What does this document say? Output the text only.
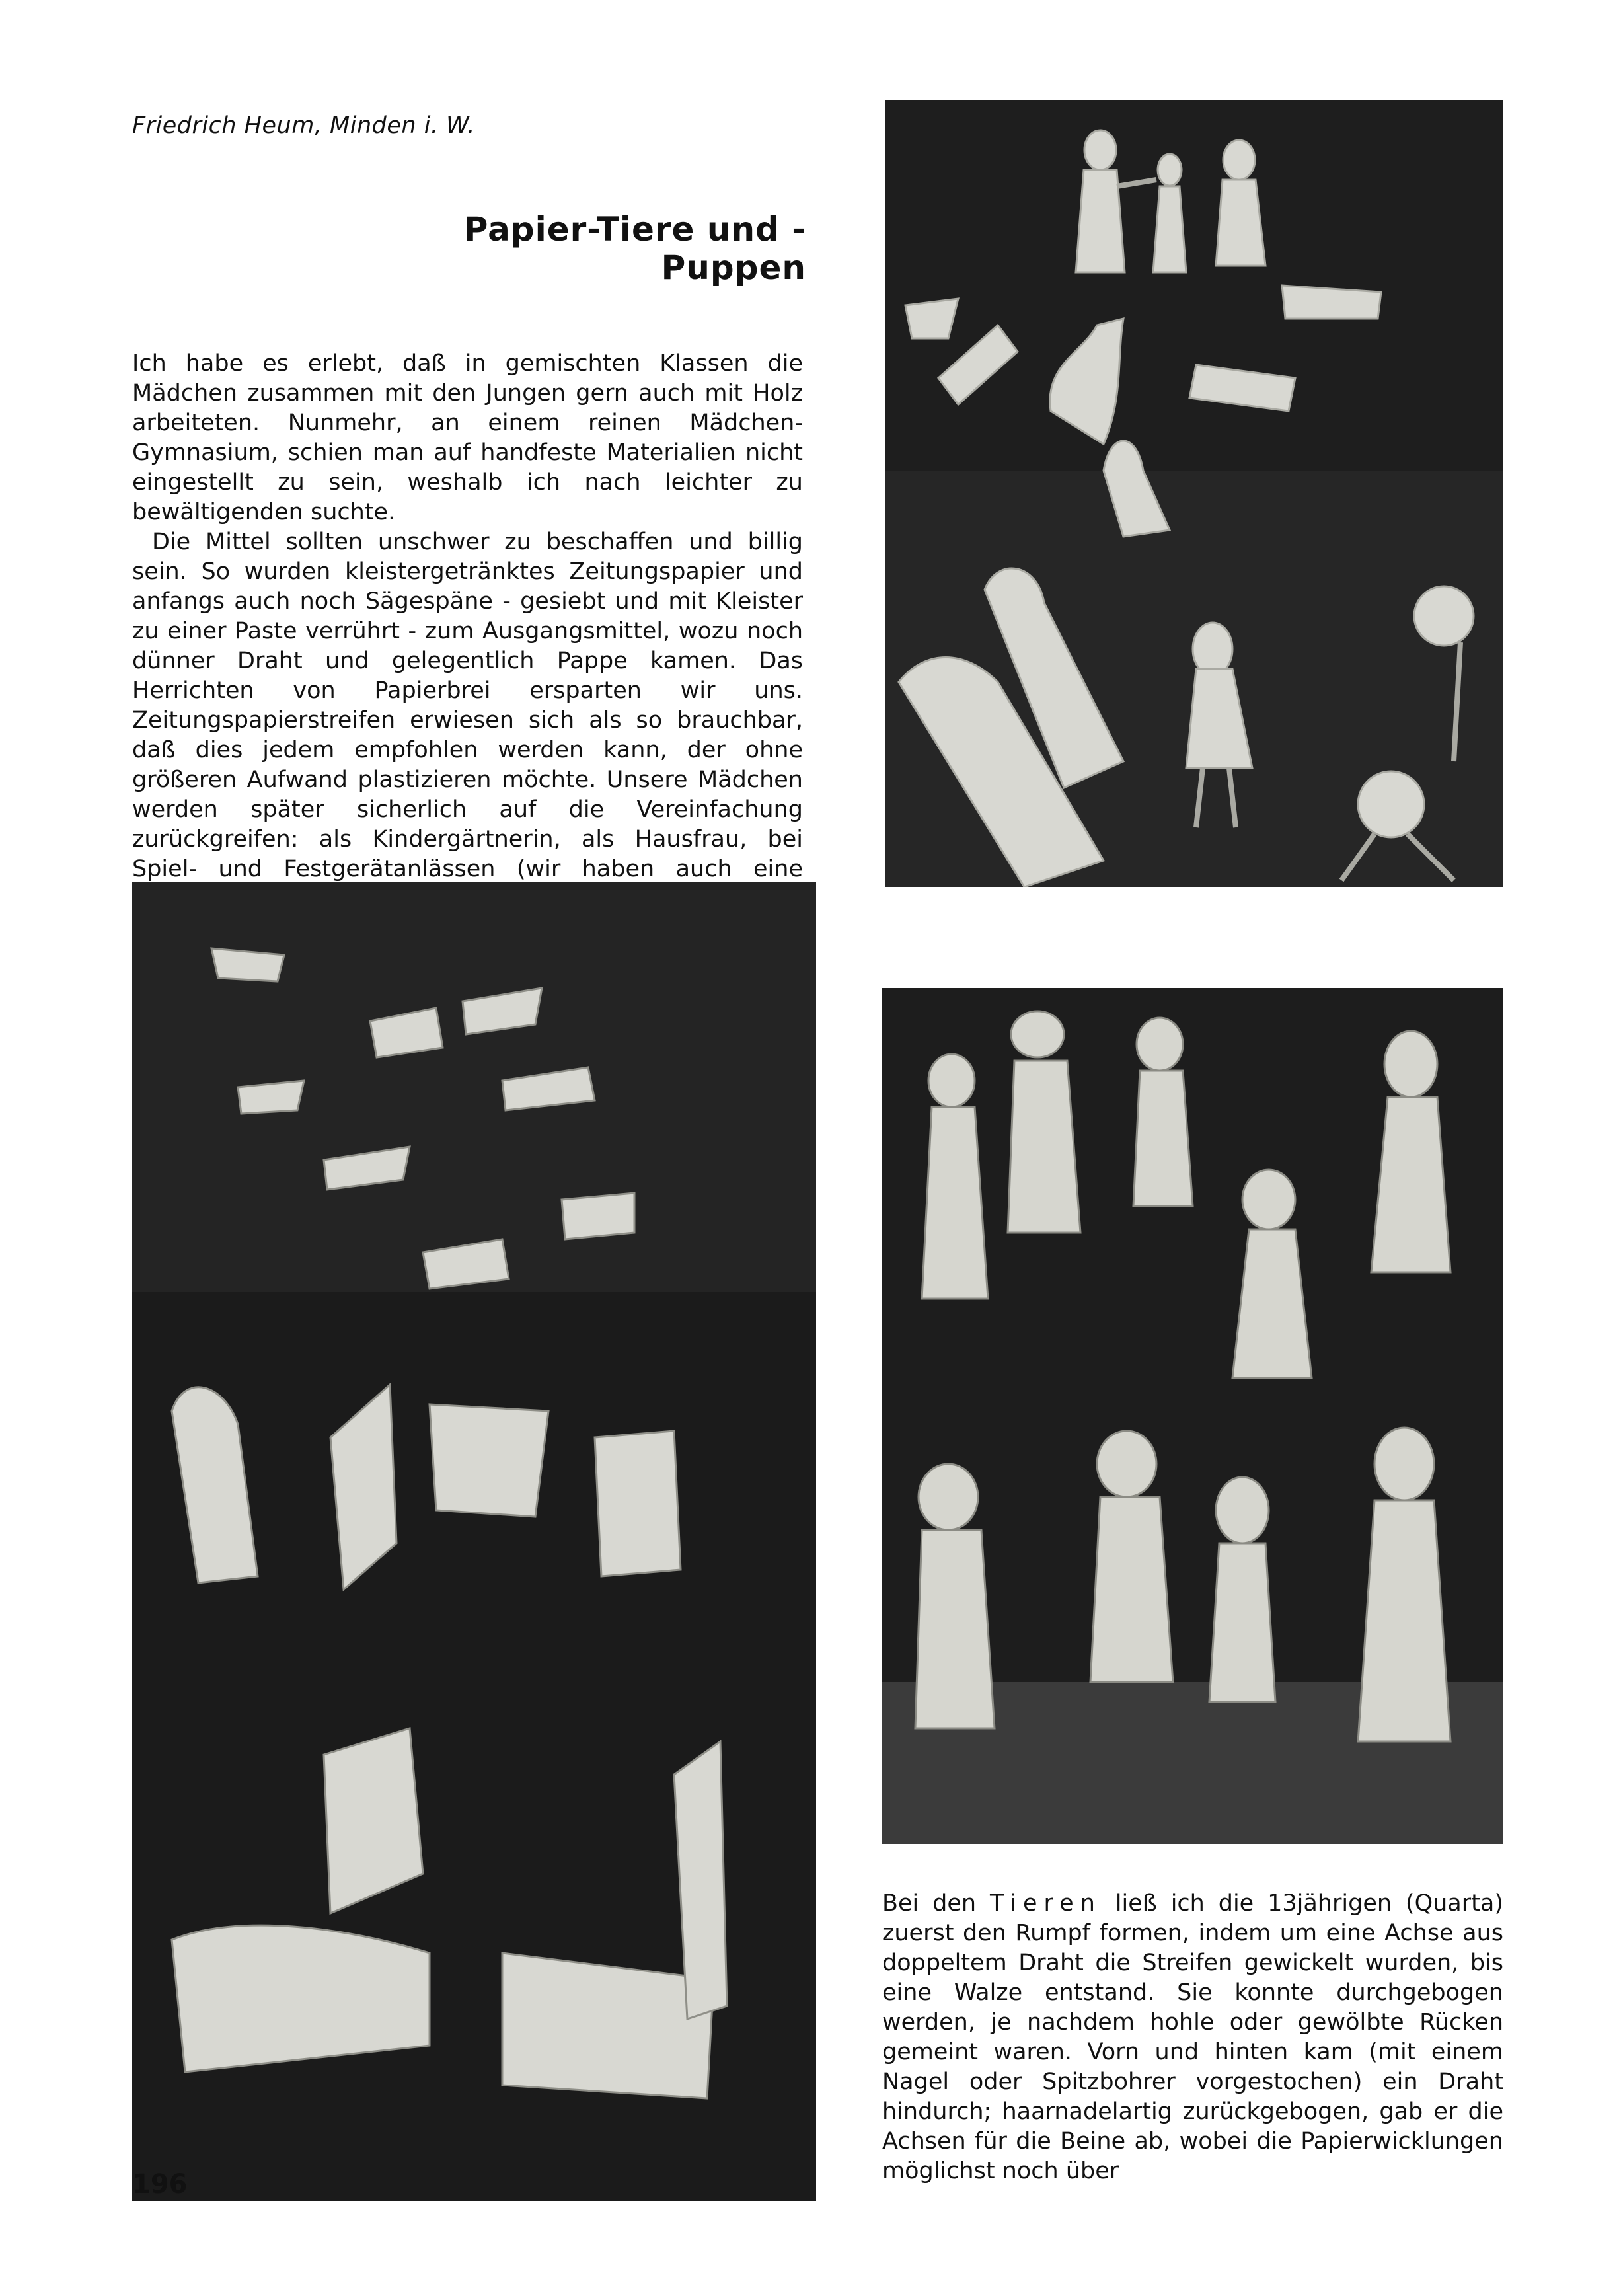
Friedrich Heum, Minden i. W.
Papier-Tiere und -Puppen

Ich habe es erlebt, daß in gemischten Klassen die Mädchen zusammen mit den Jungen gern auch mit Holz arbeiteten. Nunmehr, an einem reinen Mädchen-Gymnasium, schien man auf handfeste Materialien nicht eingestellt zu sein, weshalb ich nach leichter zu bewältigenden suchte.

Die Mittel sollten unschwer zu beschaffen und billig sein. So wurden kleistergetränktes Zeitungspapier und anfangs auch noch Sägespäne - gesiebt und mit Kleister zu einer Paste verrührt - zum Ausgangsmittel, wozu noch dünner Draht und gelegentlich Pappe kamen. Das Herrichten von Papierbrei ersparten wir uns. Zeitungspapierstreifen erwiesen sich als so brauchbar, daß dies jedem empfohlen werden kann, der ohne größeren Aufwand plastizieren möchte. Unsere Mädchen werden später sicherlich auf die Vereinfachung zurückgreifen: als Kindergärtnerin, als Hausfrau, bei Spiel- und Festgerätanlässen (wir haben auch eine

Bei den Tieren ließ ich die 13jährigen (Quarta) zuerst den Rumpf formen, indem um eine Achse aus doppeltem Draht die Streifen gewickelt wurden, bis eine Walze entstand. Sie konnte durchgebogen werden, je nachdem hohle oder gewölbte Rücken gemeint waren. Vorn und hinten kam (mit einem Nagel oder Spitzbohrer vorgestochen) ein Draht hindurch; haarnadelartig zurückgebogen, gab er die Achsen für die Beine ab, wobei die Papierwicklungen möglichst noch über

196
